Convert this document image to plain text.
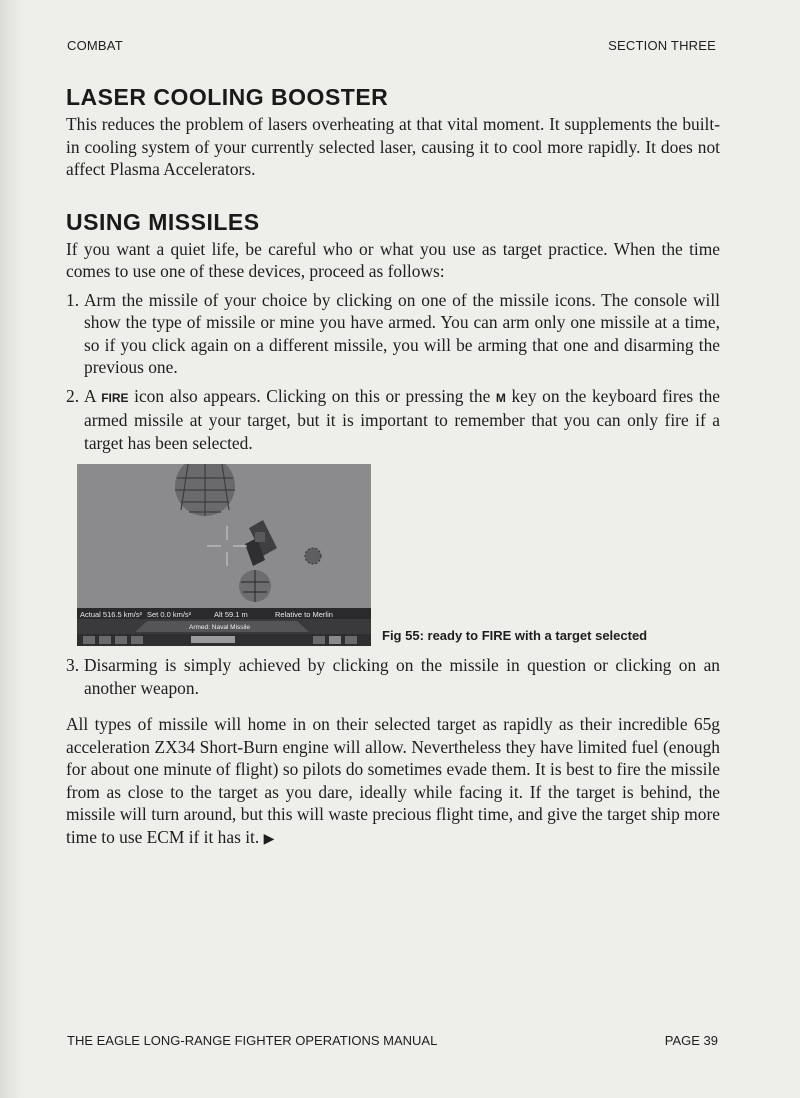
COMBAT	SECTION THREE
LASER COOLING BOOSTER

This reduces the problem of lasers overheating at that vital moment. It supplements the built-in cooling system of your currently selected laser, causing it to cool more rapidly. It does not affect Plasma Accelerators.

USING MISSILES

If you want a quiet life, be careful who or what you use as target practice. When the time comes to use one of these devices, proceed as follows:

1. Arm the missile of your choice by clicking on one of the missile icons. The console will show the type of missile or mine you have armed. You can arm only one missile at a time, so if you click again on a different missile, you will be arming that one and disarming the previous one.
2. A FIRE icon also appears. Clicking on this or pressing the M key on the keyboard fires the armed missile at your target, but it is important to remember that you can only fire if a target has been selected.
Actual 516.5 km/s² Set 0.0 km/s²	Alt 59.1 m	Relative to Merlin
Armed: Naval Missile
Fig 55: ready to FIRE with a target selected
3. Disarming is simply achieved by clicking on the missile in question or clicking on an another weapon.

All types of missile will home in on their selected target as rapidly as their incredible 65g acceleration ZX34 Short-Burn engine will allow. Nevertheless they have limited fuel (enough for about one minute of flight) so pilots do sometimes evade them. It is best to fire the missile from as close to the target as you dare, ideally while facing it. If the target is behind, the missile will turn around, but this will waste precious flight time, and give the target ship more time to use ECM if it has it. ▶

THE EAGLE LONG-RANGE FIGHTER OPERATIONS MANUAL	PAGE 39
